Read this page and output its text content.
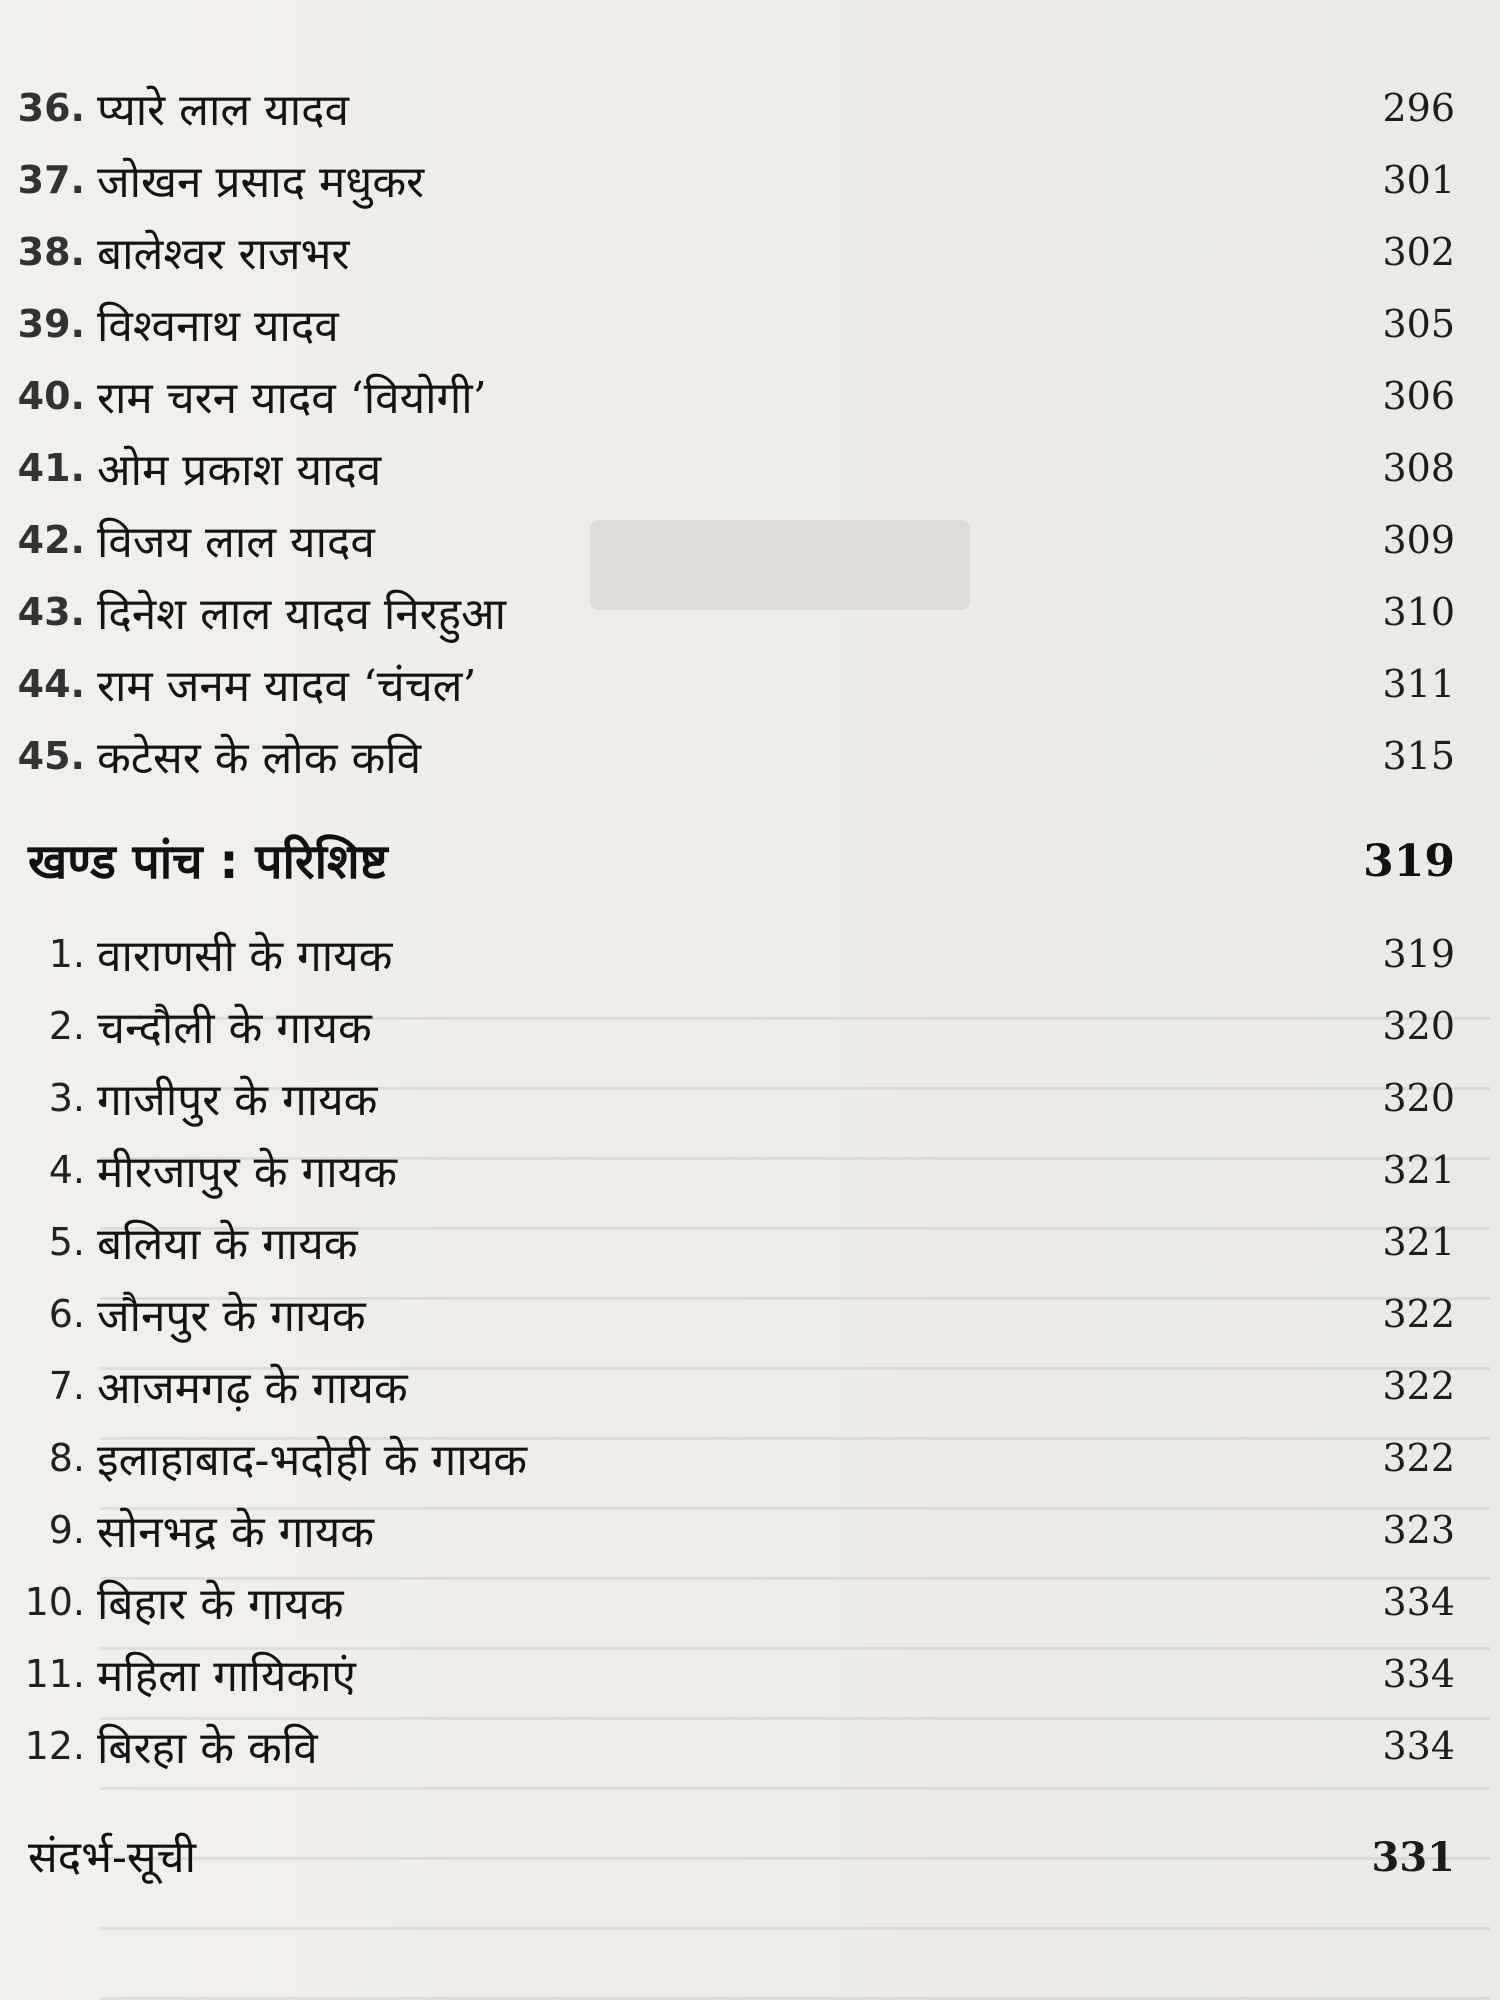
36. प्यारे लाल यादव	296
37. जोखन प्रसाद मधुकर	301
38. बालेश्वर राजभर	302
39. विश्वनाथ यादव	305
40. राम चरन यादव ‘वियोगी’	306
41. ओम प्रकाश यादव	308
42. विजय लाल यादव	309
43. दिनेश लाल यादव निरहुआ	310
44. राम जनम यादव ‘चंचल’	311
45. कटेसर के लोक कवि	315
खण्ड पांच : परिशिष्ट	319
1. वाराणसी के गायक	319
2. चन्दौली के गायक	320
3. गाजीपुर के गायक	320
4. मीरजापुर के गायक	321
5. बलिया के गायक	321
6. जौनपुर के गायक	322
7. आजमगढ़ के गायक	322
8. इलाहाबाद-भदोही के गायक	322
9. सोनभद्र के गायक	323
10. बिहार के गायक	334
11. महिला गायिकाएं	334
12. बिरहा के कवि	334
संदर्भ-सूची	331
